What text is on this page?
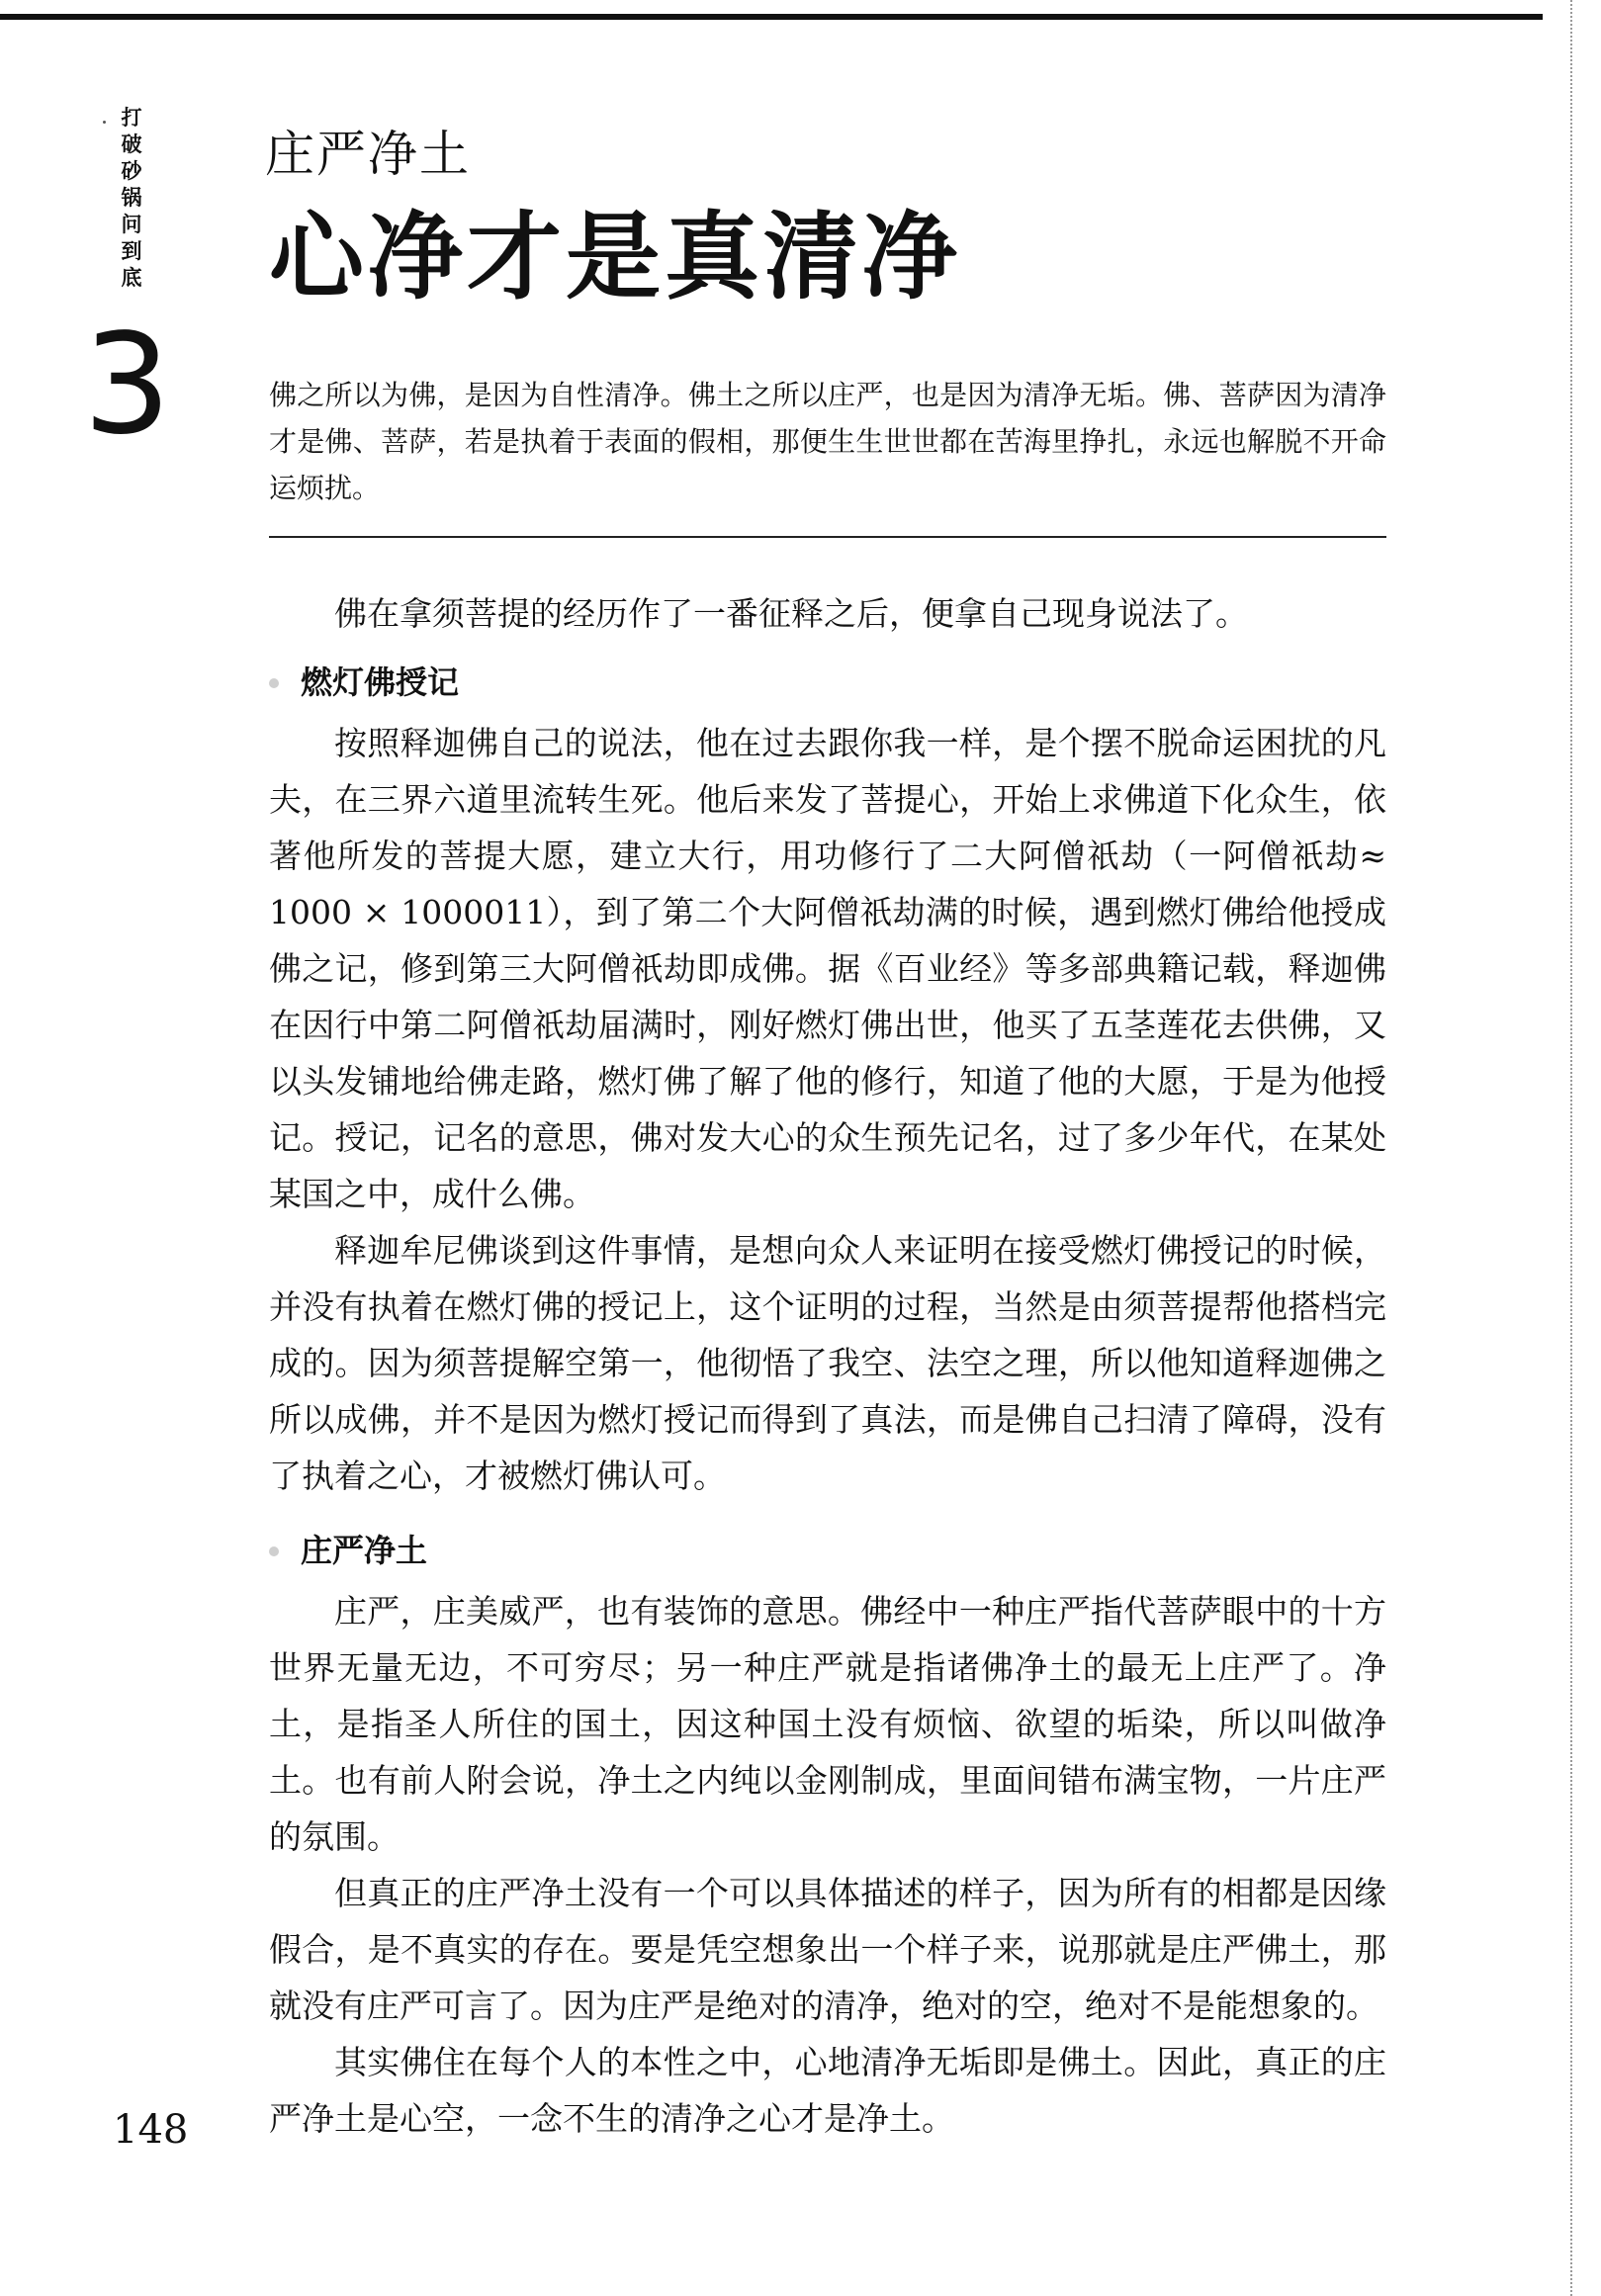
打破砂锅问到底
3
庄严净土
心净才是真清净
佛之所以为佛，是因为自性清净。佛土之所以庄严，也是因为清净无垢。佛、菩萨因为清净才是佛、菩萨，若是执着于表面的假相，那便生生世世都在苦海里挣扎，永远也解脱不开命运烦扰。

佛在拿须菩提的经历作了一番征释之后，便拿自己现身说法了。

燃灯佛授记

按照释迦佛自己的说法，他在过去跟你我一样，是个摆不脱命运困扰的凡夫，在三界六道里流转生死。他后来发了菩提心，开始上求佛道下化众生，依著他所发的菩提大愿，建立大行，用功修行了二大阿僧祇劫（一阿僧祇劫≈ 1000 × 1000011），到了第二个大阿僧祇劫满的时候，遇到燃灯佛给他授成佛之记，修到第三大阿僧祇劫即成佛。据《百业经》等多部典籍记载，释迦佛在因行中第二阿僧祇劫届满时，刚好燃灯佛出世，他买了五茎莲花去供佛，又以头发铺地给佛走路，燃灯佛了解了他的修行，知道了他的大愿，于是为他授记。授记，记名的意思，佛对发大心的众生预先记名，过了多少年代，在某处某国之中，成什么佛。

释迦牟尼佛谈到这件事情，是想向众人来证明在接受燃灯佛授记的时候，并没有执着在燃灯佛的授记上，这个证明的过程，当然是由须菩提帮他搭档完成的。因为须菩提解空第一，他彻悟了我空、法空之理，所以他知道释迦佛之所以成佛，并不是因为燃灯授记而得到了真法，而是佛自己扫清了障碍，没有了执着之心，才被燃灯佛认可。

庄严净土

庄严，庄美威严，也有装饰的意思。佛经中一种庄严指代菩萨眼中的十方世界无量无边，不可穷尽；另一种庄严就是指诸佛净土的最无上庄严了。净土，是指圣人所住的国土，因这种国土没有烦恼、欲望的垢染，所以叫做净土。也有前人附会说，净土之内纯以金刚制成，里面间错布满宝物，一片庄严的氛围。

但真正的庄严净土没有一个可以具体描述的样子，因为所有的相都是因缘假合，是不真实的存在。要是凭空想象出一个样子来，说那就是庄严佛土，那就没有庄严可言了。因为庄严是绝对的清净，绝对的空，绝对不是能想象的。

其实佛住在每个人的本性之中，心地清净无垢即是佛土。因此，真正的庄严净土是心空，一念不生的清净之心才是净土。

148
